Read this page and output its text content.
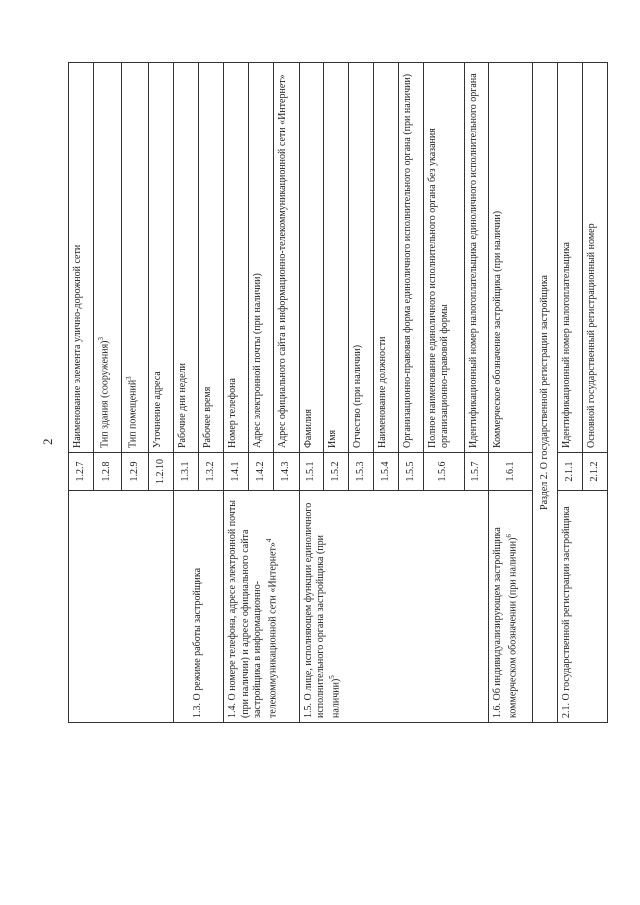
2
	1.2.7	Наименование элемента улично-дорожной сети
	1.2.8	Тип здания (сооружения)$^3$
	1.2.9	Тип помещений$^3$
	1.2.10	Уточнение адреса
1.3. О режиме работы застройщика	1.3.1	Рабочие дни недели
	1.3.2	Рабочее время
1.4. О номере телефона, адресе электронной почты (при наличии) и адресе официального сайта застройщика в информационно-телекоммуникационной сети «Интернет»$^4$	1.4.1	Номер телефона
	1.4.2	Адрес электронной почты (при наличии)
	1.4.3	Адрес официального сайта в информационно-телекоммуникационной сети «Интернет»
1.5. О лице, исполняющем функции единоличного исполнительного органа застройщика (при наличии)$^5$	1.5.1	Фамилия
	1.5.2	Имя
	1.5.3	Отчество (при наличии)
	1.5.4	Наименование должности
	1.5.5	Организационно-правовая форма единоличного исполнительного органа (при наличии)
	1.5.6	Полное наименование единоличного исполнительного органа без указания организационно-правовой формы
	1.5.7	Идентификационный номер налогоплательщика единоличного исполнительного органа
1.6. Об индивидуализирующем застройщика коммерческом обозначении (при наличии)$^6$	1.6.1	Коммерческое обозначение застройщика (при наличии)
Раздел 2. О государственной регистрации застройщика		
2.1. О государственной регистрации застройщика	2.1.1	Идентификационный номер налогоплательщика
	2.1.2	Основной государственный регистрационный номер
